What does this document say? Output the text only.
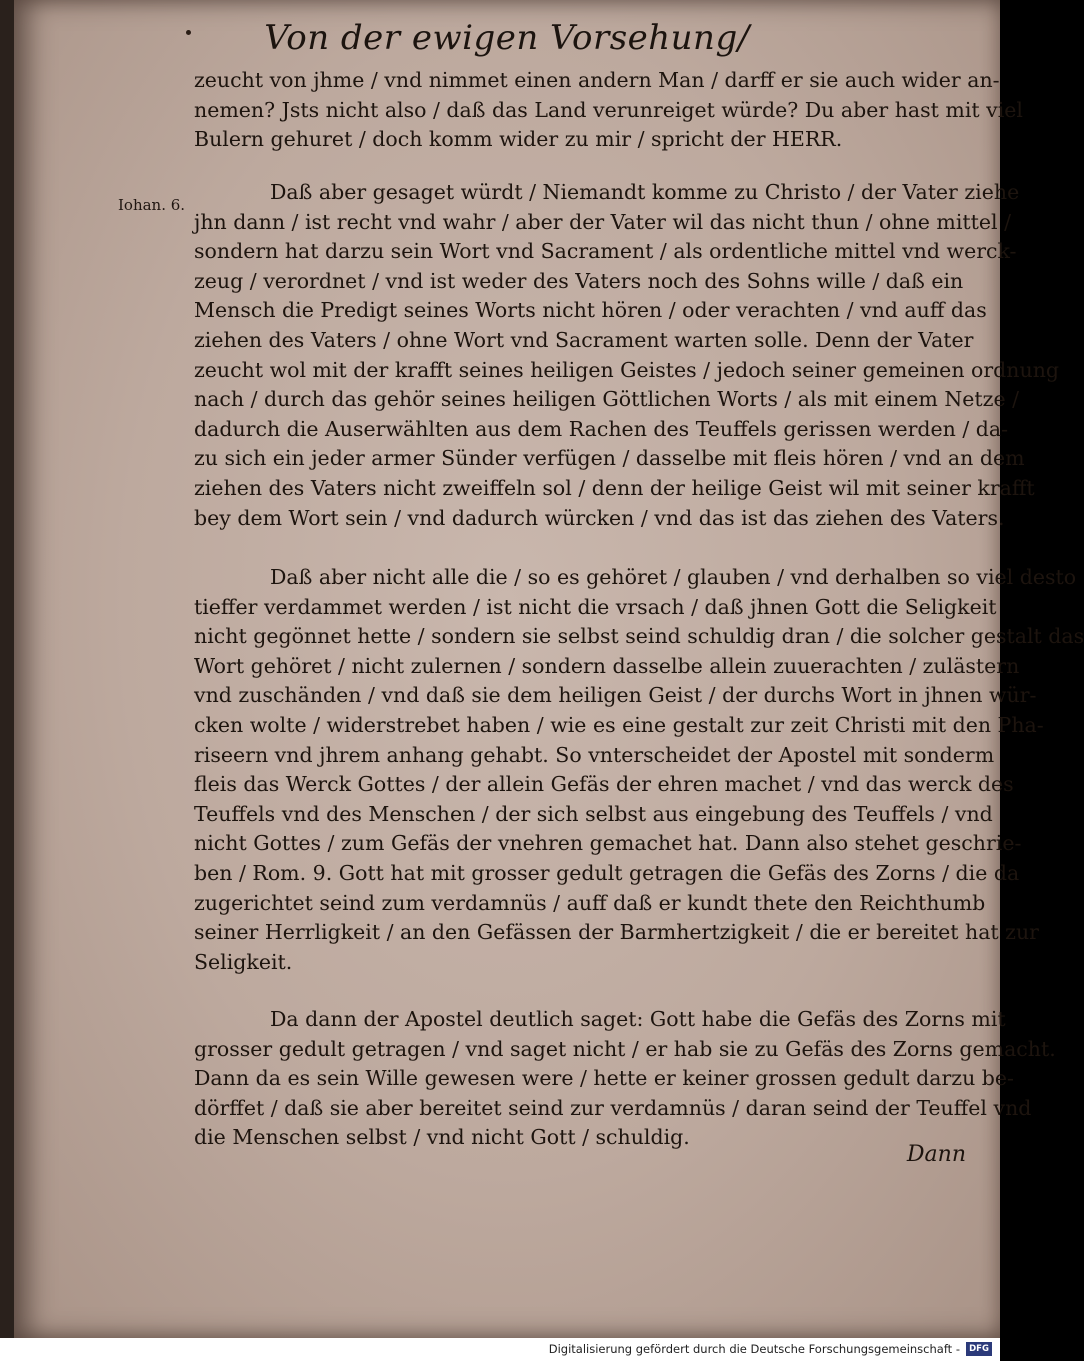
Von der ewigen Vorsehung/
Iohan. 6.
zeucht von jhme / vnd nimmet einen andern Man / darff er sie auch wider an-
nemen? Jsts nicht also / daß das Land verunreiget würde? Du aber hast mit viel
Bulern gehuret / doch komm wider zu mir / spricht der HERR.
Daß aber gesaget würdt / Niemandt komme zu Christo / der Vater ziehe
jhn dann / ist recht vnd wahr / aber der Vater wil das nicht thun / ohne mittel /
sondern hat darzu sein Wort vnd Sacrament / als ordentliche mittel vnd werck-
zeug / verordnet / vnd ist weder des Vaters noch des Sohns wille / daß ein
Mensch die Predigt seines Worts nicht hören / oder verachten / vnd auff das
ziehen des Vaters / ohne Wort vnd Sacrament warten solle. Denn der Vater
zeucht wol mit der krafft seines heiligen Geistes / jedoch seiner gemeinen ordnung
nach / durch das gehör seines heiligen Göttlichen Worts / als mit einem Netze /
dadurch die Auserwählten aus dem Rachen des Teuffels gerissen werden / da-
zu sich ein jeder armer Sünder verfügen / dasselbe mit fleis hören / vnd an dem
ziehen des Vaters nicht zweiffeln sol / denn der heilige Geist wil mit seiner krafft
bey dem Wort sein / vnd dadurch würcken / vnd das ist das ziehen des Vaters.
Daß aber nicht alle die / so es gehöret / glauben / vnd derhalben so viel desto
tieffer verdammet werden / ist nicht die vrsach / daß jhnen Gott die Seligkeit
nicht gegönnet hette / sondern sie selbst seind schuldig dran / die solcher gestalt das
Wort gehöret / nicht zulernen / sondern dasselbe allein zuuerachten / zulästern
vnd zuschänden / vnd daß sie dem heiligen Geist / der durchs Wort in jhnen wür-
cken wolte / widerstrebet haben / wie es eine gestalt zur zeit Christi mit den Pha-
riseern vnd jhrem anhang gehabt. So vnterscheidet der Apostel mit sonderm
fleis das Werck Gottes / der allein Gefäs der ehren machet / vnd das werck des
Teuffels vnd des Menschen / der sich selbst aus eingebung des Teuffels / vnd
nicht Gottes / zum Gefäs der vnehren gemachet hat. Dann also stehet geschrie-
ben / Rom. 9. Gott hat mit grosser gedult getragen die Gefäs des Zorns / die da
zugerichtet seind zum verdamnüs / auff daß er kundt thete den Reichthumb
seiner Herrligkeit / an den Gefässen der Barmhertzigkeit / die er bereitet hat zur
Seligkeit.
Da dann der Apostel deutlich saget: Gott habe die Gefäs des Zorns mit
grosser gedult getragen / vnd saget nicht / er hab sie zu Gefäs des Zorns gemacht.
Dann da es sein Wille gewesen were / hette er keiner grossen gedult darzu be-
dörffet / daß sie aber bereitet seind zur verdamnüs / daran seind der Teuffel vnd
die Menschen selbst / vnd nicht Gott / schuldig.
Dann
Digitalisierung gefördert durch die Deutsche Forschungsgemeinschaft -	DFG
